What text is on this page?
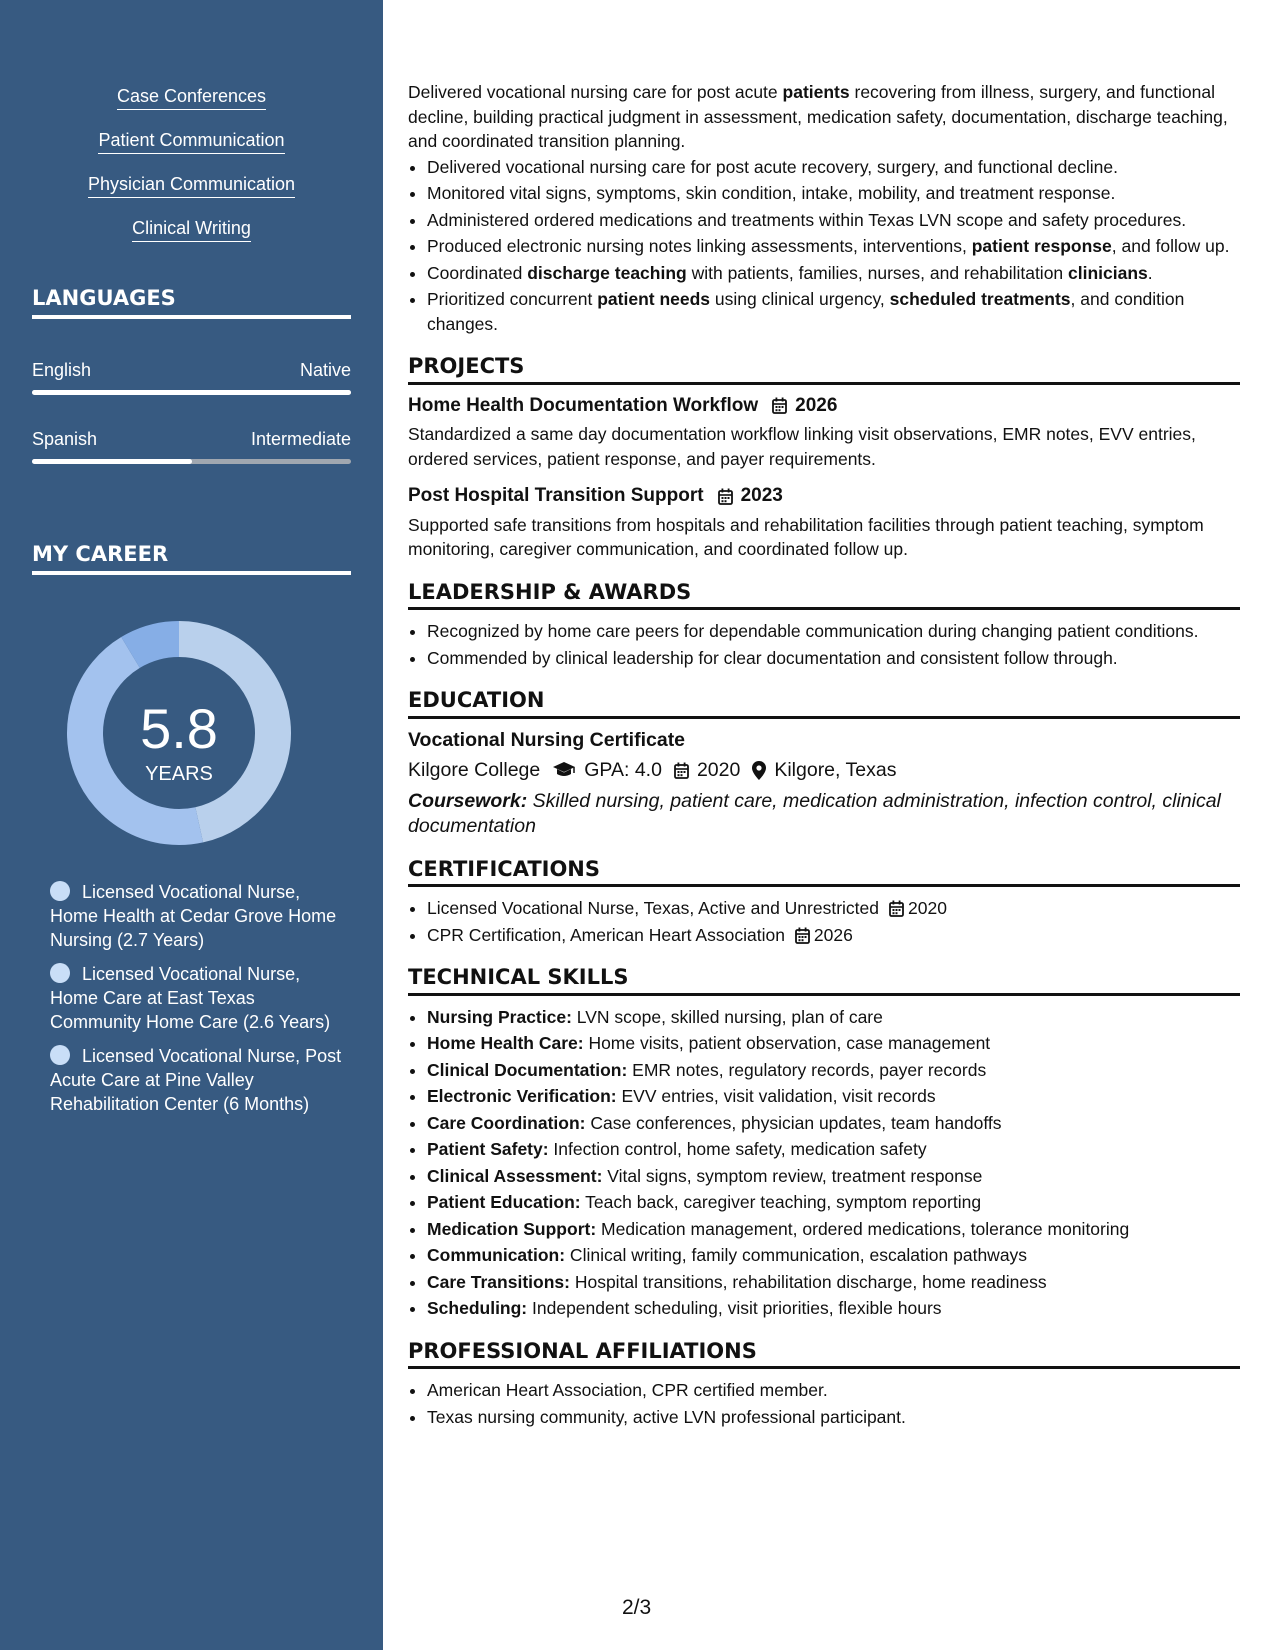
Case Conferences
Patient Communication
Physician Communication
Clinical Writing
LANGUAGES
English	Native
Spanish	Intermediate
MY CAREER
5.8
YEARS
Licensed Vocational Nurse, Home Health at Cedar Grove Home Nursing (2.7 Years)
Licensed Vocational Nurse, Home Care at East Texas Community Home Care (2.6 Years)
Licensed Vocational Nurse, Post Acute Care at Pine Valley Rehabilitation Center (6 Months)

Delivered vocational nursing care for post acute patients recovering from illness, surgery, and functional decline, building practical judgment in assessment, medication safety, documentation, discharge teaching, and coordinated transition planning.

• Delivered vocational nursing care for post acute recovery, surgery, and functional decline.
• Monitored vital signs, symptoms, skin condition, intake, mobility, and treatment response.
• Administered ordered medications and treatments within Texas LVN scope and safety procedures.
• Produced electronic nursing notes linking assessments, interventions, patient response, and follow up.
• Coordinated discharge teaching with patients, families, nurses, and rehabilitation clinicians.
• Prioritized concurrent patient needs using clinical urgency, scheduled treatments, and condition changes.
PROJECTS
Home Health Documentation Workflow 2026

Standardized a same day documentation workflow linking visit observations, EMR notes, EVV entries, ordered services, patient response, and payer requirements.

Post Hospital Transition Support 2023

Supported safe transitions from hospitals and rehabilitation facilities through patient teaching, symptom monitoring, caregiver communication, and coordinated follow up.

LEADERSHIP & AWARDS
• Recognized by home care peers for dependable communication during changing patient conditions.
• Commended by clinical leadership for clear documentation and consistent follow through.
EDUCATION
Vocational Nursing Certificate
Kilgore College GPA: 4.0 2020 Kilgore, Texas
Coursework: Skilled nursing, patient care, medication administration, infection control, clinical documentation
CERTIFICATIONS
• Licensed Vocational Nurse, Texas, Active and Unrestricted 2020
• CPR Certification, American Heart Association 2026
TECHNICAL SKILLS
• Nursing Practice: LVN scope, skilled nursing, plan of care
• Home Health Care: Home visits, patient observation, case management
• Clinical Documentation: EMR notes, regulatory records, payer records
• Electronic Verification: EVV entries, visit validation, visit records
• Care Coordination: Case conferences, physician updates, team handoffs
• Patient Safety: Infection control, home safety, medication safety
• Clinical Assessment: Vital signs, symptom review, treatment response
• Patient Education: Teach back, caregiver teaching, symptom reporting
• Medication Support: Medication management, ordered medications, tolerance monitoring
• Communication: Clinical writing, family communication, escalation pathways
• Care Transitions: Hospital transitions, rehabilitation discharge, home readiness
• Scheduling: Independent scheduling, visit priorities, flexible hours
PROFESSIONAL AFFILIATIONS
• American Heart Association, CPR certified member.
• Texas nursing community, active LVN professional participant.
2/3
